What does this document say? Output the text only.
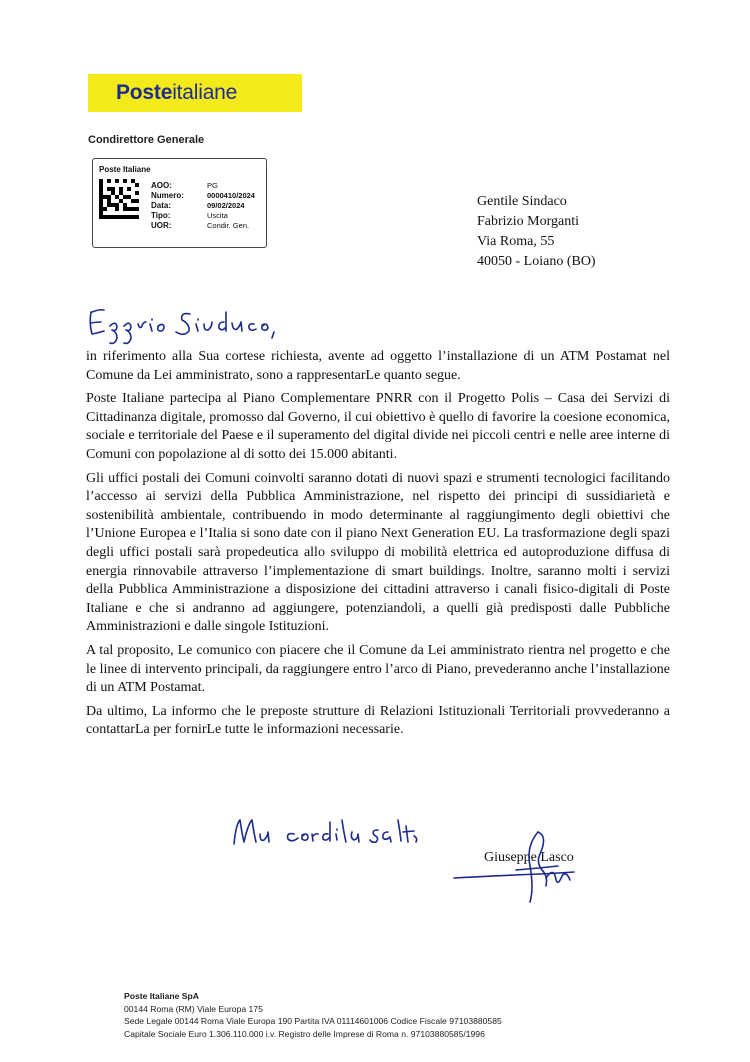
Posteitaliane
Condirettore Generale
Poste Italiane
AOO:	PG
Numero:	0000410/2024
Data:	09/02/2024
Tipo:	Uscita
UOR:	Condir. Gen.
Gentile Sindaco
Fabrizio Morganti
Via Roma, 55
40050 - Loiano (BO)

in riferimento alla Sua cortese richiesta, avente ad oggetto l’installazione di un ATM Postamat nel Comune da Lei amministrato, sono a rappresentarLe quanto segue.

Poste Italiane partecipa al Piano Complementare PNRR con il Progetto Polis – Casa dei Servizi di Cittadinanza digitale, promosso dal Governo, il cui obiettivo è quello di favorire la coesione economica, sociale e territoriale del Paese e il superamento del digital divide nei piccoli centri e nelle aree interne di Comuni con popolazione al di sotto dei 15.000 abitanti.

Gli uffici postali dei Comuni coinvolti saranno dotati di nuovi spazi e strumenti tecnologici facilitando l’accesso ai servizi della Pubblica Amministrazione, nel rispetto dei principi di sussidiarietà e sostenibilità ambientale, contribuendo in modo determinante al raggiungimento degli obiettivi che l’Unione Europea e l’Italia si sono date con il piano Next Generation EU. La trasformazione degli spazi degli uffici postali sarà propedeutica allo sviluppo di mobilità elettrica ed autoproduzione diffusa di energia rinnovabile attraverso l’implementazione di smart buildings. Inoltre, saranno molti i servizi della Pubblica Amministrazione a disposizione dei cittadini attraverso i canali fisico-digitali di Poste Italiane e che si andranno ad aggiungere, potenziandoli, a quelli già predisposti dalle Pubbliche Amministrazioni e dalle singole Istituzioni.

A tal proposito, Le comunico con piacere che il Comune da Lei amministrato rientra nel progetto e che le linee di intervento principali, da raggiungere entro l’arco di Piano, prevederanno anche l’installazione di un ATM Postamat.

Da ultimo, La informo che le preposte strutture di Relazioni Istituzionali Territoriali provvederanno a contattarLa per fornirLe tutte le informazioni necessarie.

Giuseppe Lasco
Poste Italiane SpA
00144 Roma (RM) Viale Europa 175
Sede Legale 00144 Roma Viale Europa 190 Partita IVA 01114601006 Codice Fiscale 97103880585
Capitale Sociale Euro 1.306.110.000 i.v. Registro delle Imprese di Roma n. 97103880585/1996
